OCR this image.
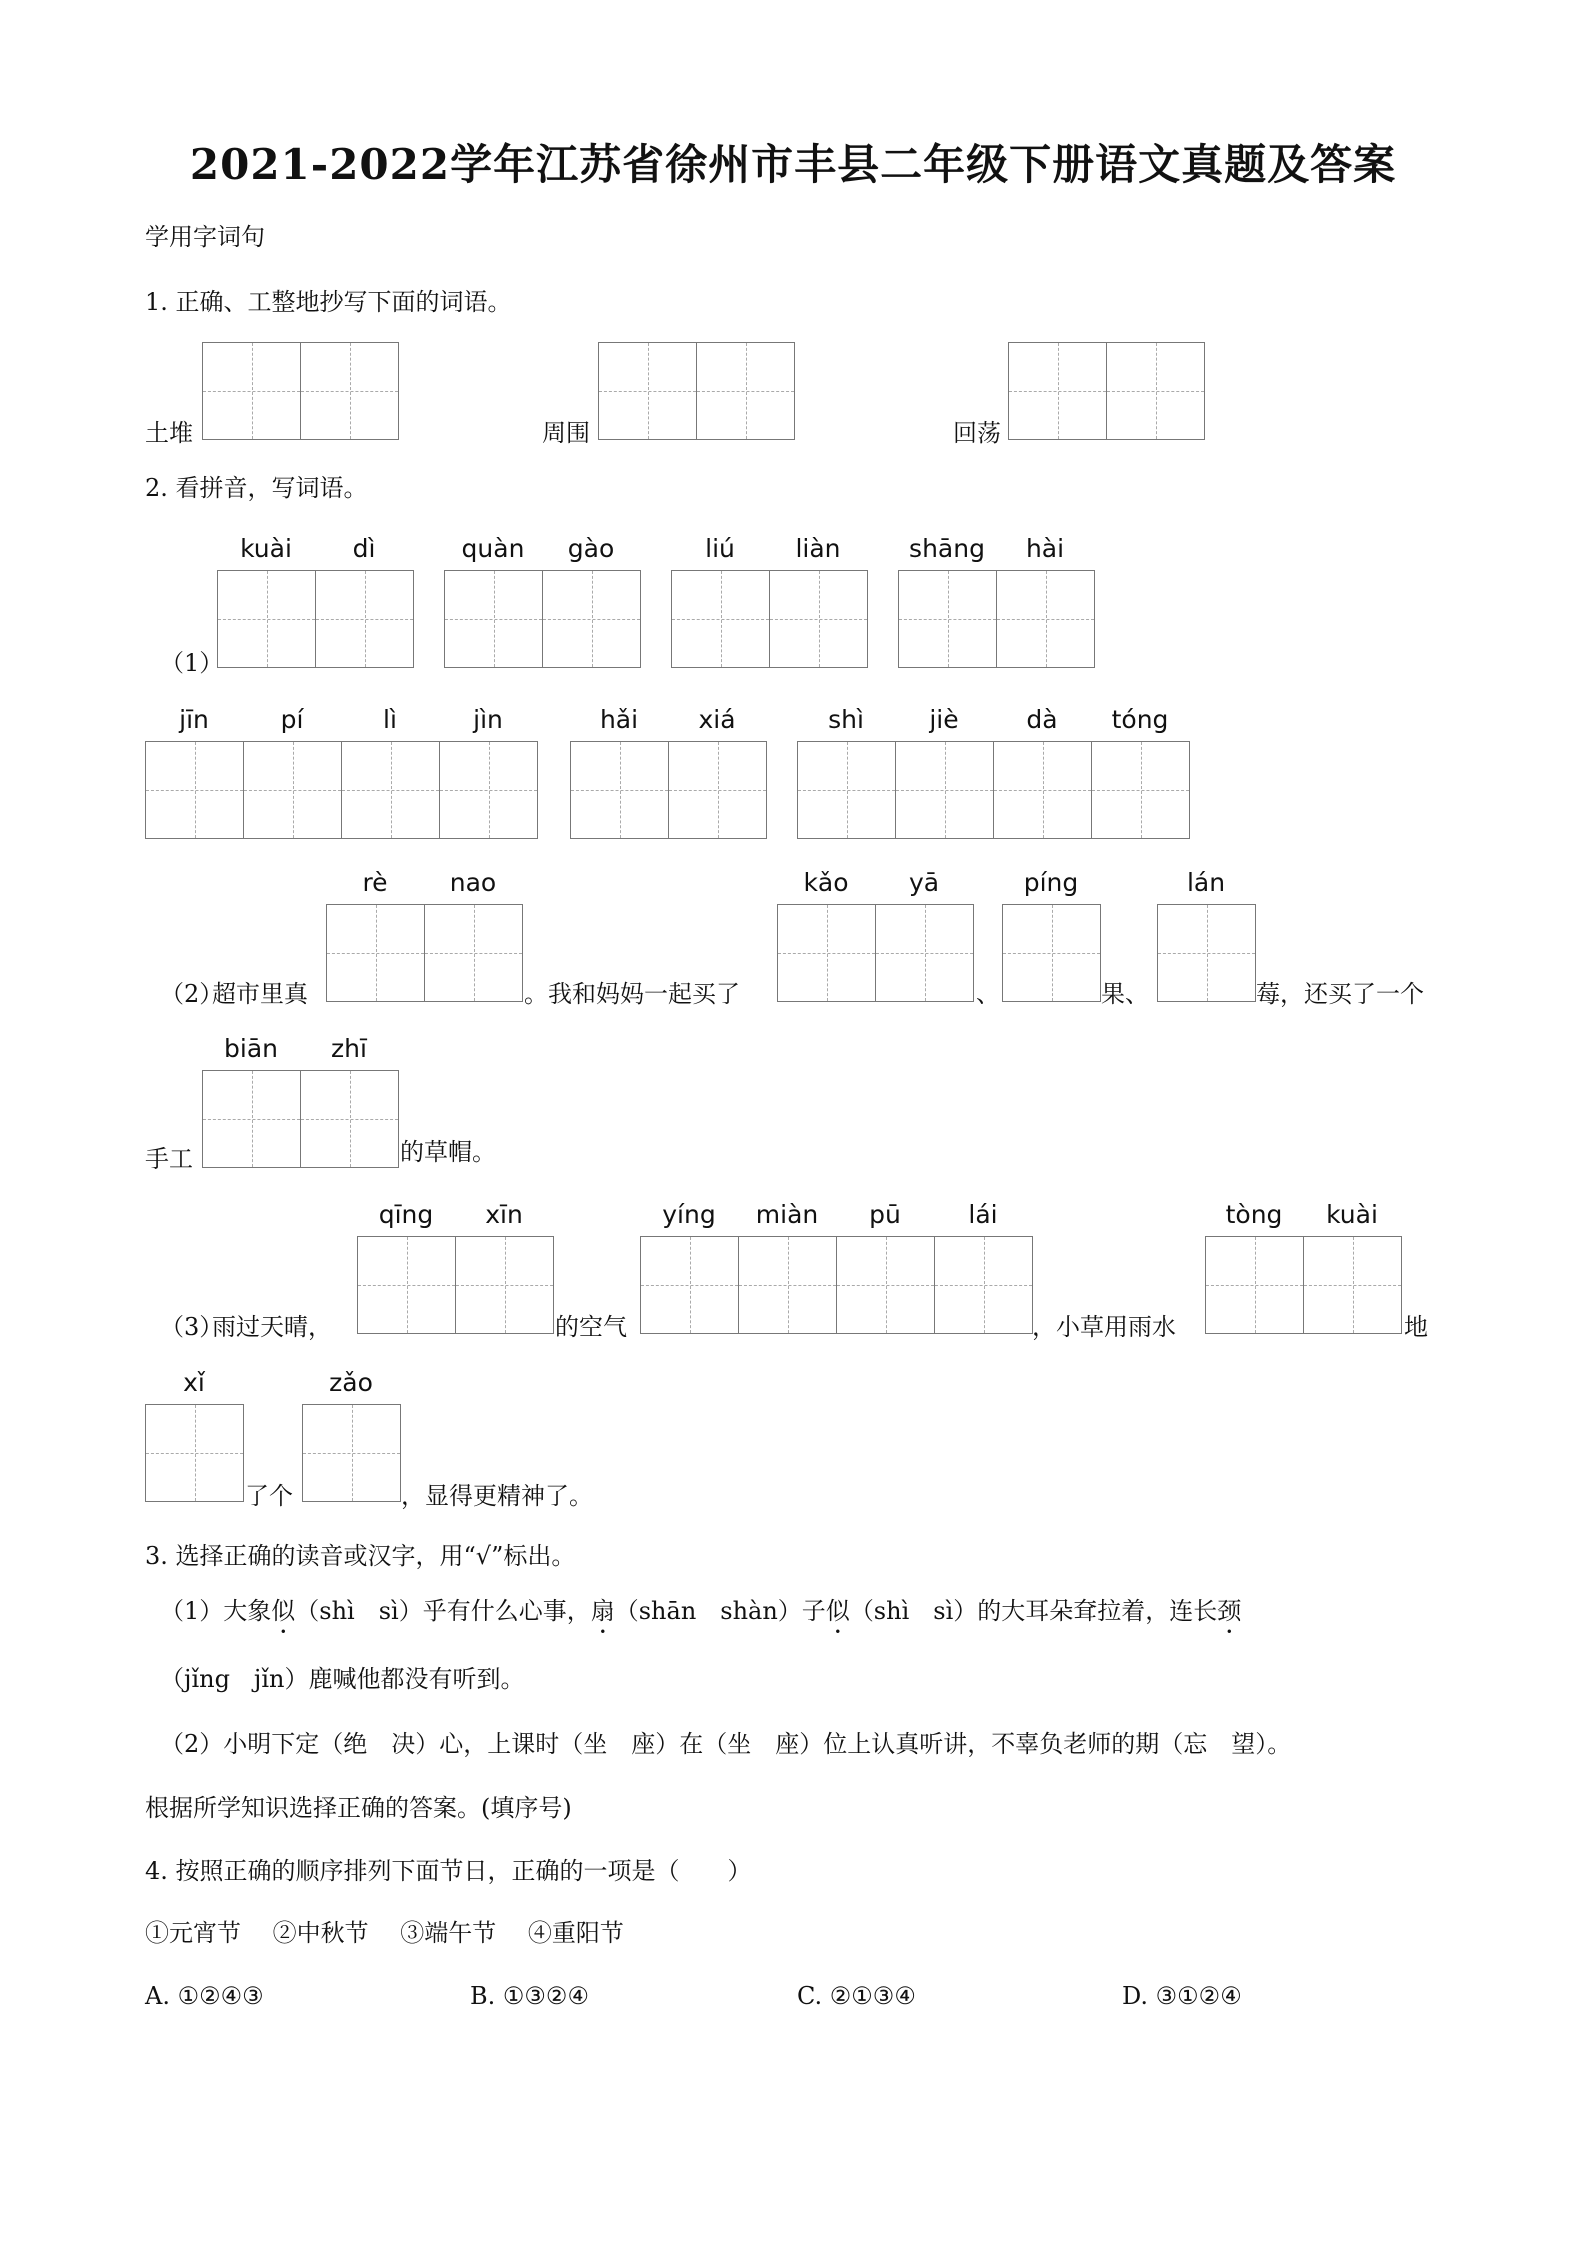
2021-2022学年江苏省徐州市丰县二年级下册语文真题及答案
学用字词句
1. 正确、工整地抄写下面的词语。
土堆	周围	回荡
2. 看拼音，写词语。
（1）
kuài	dì	quàn	gào	liú	liàn	shāng	hài
jīn	pí	lì	jìn	hǎi	xiá	shì	jiè	dà	tóng
（2）
超市里真
rè	nao
。我和妈妈一起买了
kǎo	yā
、
píng
果、
lán
莓，还买了一个
手工
biān	zhī
的草帽。
（3）
雨过天晴，
qīng	xīn
的空气
yíng	miàn	pū	lái
，小草用雨水
tòng	kuài
地
xǐ
了个
zǎo
，显得更精神了。
3. 选择正确的读音或汉字，用“√”标出。
（1）大象似（shì　sì）乎有什么心事，扇（shān　shàn）子似（shì　sì）的大耳朵耷拉着，连长颈
（jǐng　jǐn）鹿喊他都没有听到。
（2）小明下定（绝　决）心，上课时（坐　座）在（坐　座）位上认真听讲，不辜负老师的期（忘　望）。
根据所学知识选择正确的答案。(填序号)
4. 按照正确的顺序排列下面节日，正确的一项是（　　）
①元宵节　 ②中秋节　 ③端午节　 ④重阳节
A. ①②④③	B. ①③②④	C. ②①③④	D. ③①②④
